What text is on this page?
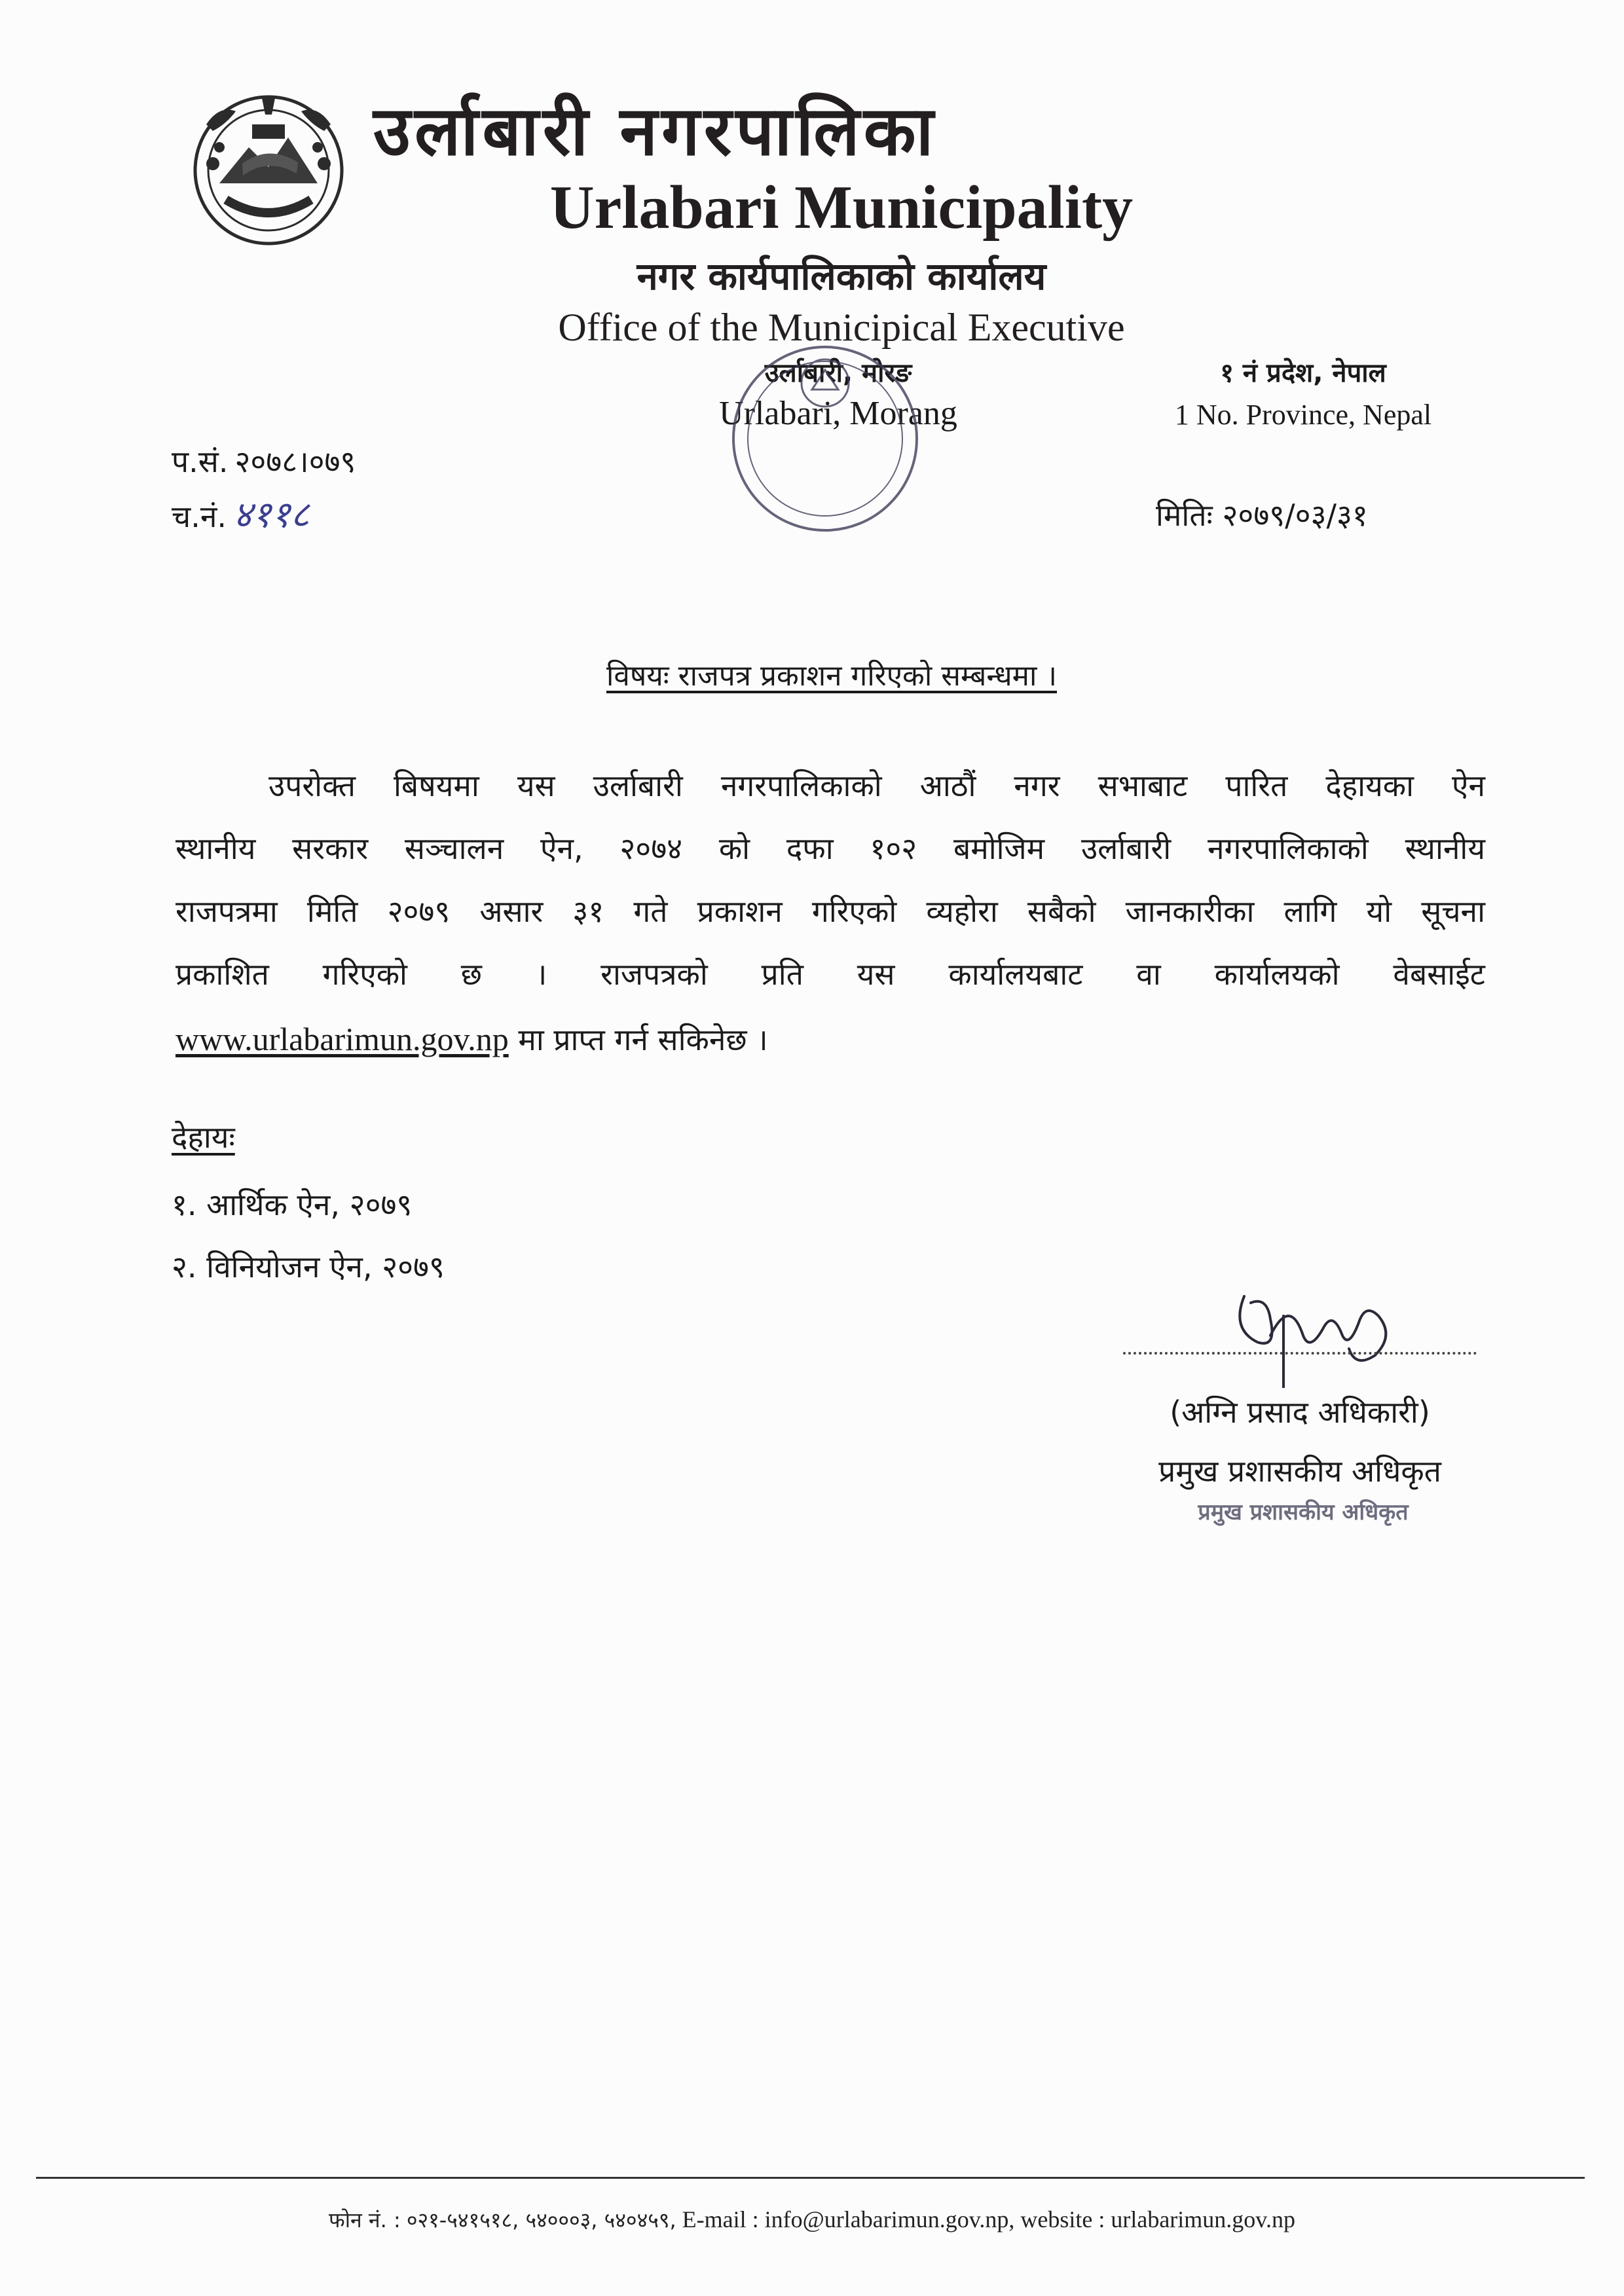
उर्लाबारी नगरपालिका
Urlabari Municipality
नगर कार्यपालिकाको कार्यालय
Office of the Municipical Executive
उर्लाबारी, मोरङ
Urlabari, Morang
१ नं प्रदेश, नेपाल
1 No. Province, Nepal
प.सं. २०७८।०७९
च.नं. ४११८	मितिः २०७९/०३/३१
विषयः राजपत्र प्रकाशन गरिएको सम्बन्धमा ।
उपरोक्त बिषयमा यस उर्लाबारी नगरपालिकाको आठौं नगर सभाबाट पारित देहायका ऐन
स्थानीय सरकार सञ्चालन ऐन, २०७४ को दफा १०२ बमोजिम उर्लाबारी नगरपालिकाको स्थानीय
राजपत्रमा मिति २०७९ असार ३१ गते प्रकाशन गरिएको व्यहोरा सबैको जानकारीका लागि यो सूचना
प्रकाशित गरिएको छ । राजपत्रको प्रति यस कार्यालयबाट वा कार्यालयको वेबसाईट
www.urlabarimun.gov.np मा प्राप्त गर्न सकिनेछ ।
देहायः
१. आर्थिक ऐन, २०७९
२. विनियोजन ऐन, २०७९
(अग्नि प्रसाद अधिकारी)
प्रमुख प्रशासकीय अधिकृत
प्रमुख प्रशासकीय अधिकृत
फोन नं. : ०२१-५४१५१८, ५४०००३, ५४०४५९, E-mail : info@urlabarimun.gov.np, website : urlabarimun.gov.np
